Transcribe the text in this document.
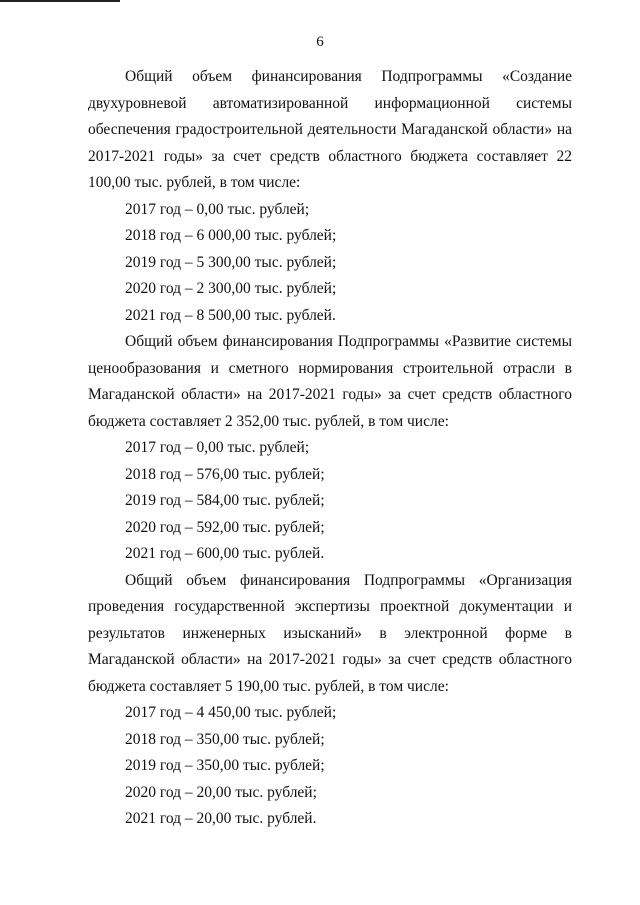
6

Общий объем финансирования Подпрограммы «Создание двухуровневой автоматизированной информационной системы обеспечения градостроительной деятельности Магаданской области» на 2017-2021 годы» за счет средств областного бюджета составляет 22 100,00 тыс. рублей, в том числе:

2017 год – 0,00 тыс. рублей;

2018 год – 6 000,00 тыс. рублей;

2019 год – 5 300,00 тыс. рублей;

2020 год – 2 300,00 тыс. рублей;

2021 год – 8 500,00 тыс. рублей.

Общий объем финансирования Подпрограммы «Развитие системы ценообразования и сметного нормирования строительной отрасли в Магаданской области» на 2017-2021 годы» за счет средств областного бюджета составляет 2 352,00 тыс. рублей, в том числе:

2017 год – 0,00 тыс. рублей;

2018 год – 576,00 тыс. рублей;

2019 год – 584,00 тыс. рублей;

2020 год – 592,00 тыс. рублей;

2021 год – 600,00 тыс. рублей.

Общий объем финансирования Подпрограммы «Организация проведения государственной экспертизы проектной документации и результатов инженерных изысканий» в электронной форме в Магаданской области» на 2017-2021 годы» за счет средств областного бюджета составляет 5 190,00 тыс. рублей, в том числе:

2017 год – 4 450,00 тыс. рублей;

2018 год – 350,00 тыс. рублей;

2019 год – 350,00 тыс. рублей;

2020 год – 20,00 тыс. рублей;

2021 год – 20,00 тыс. рублей.
